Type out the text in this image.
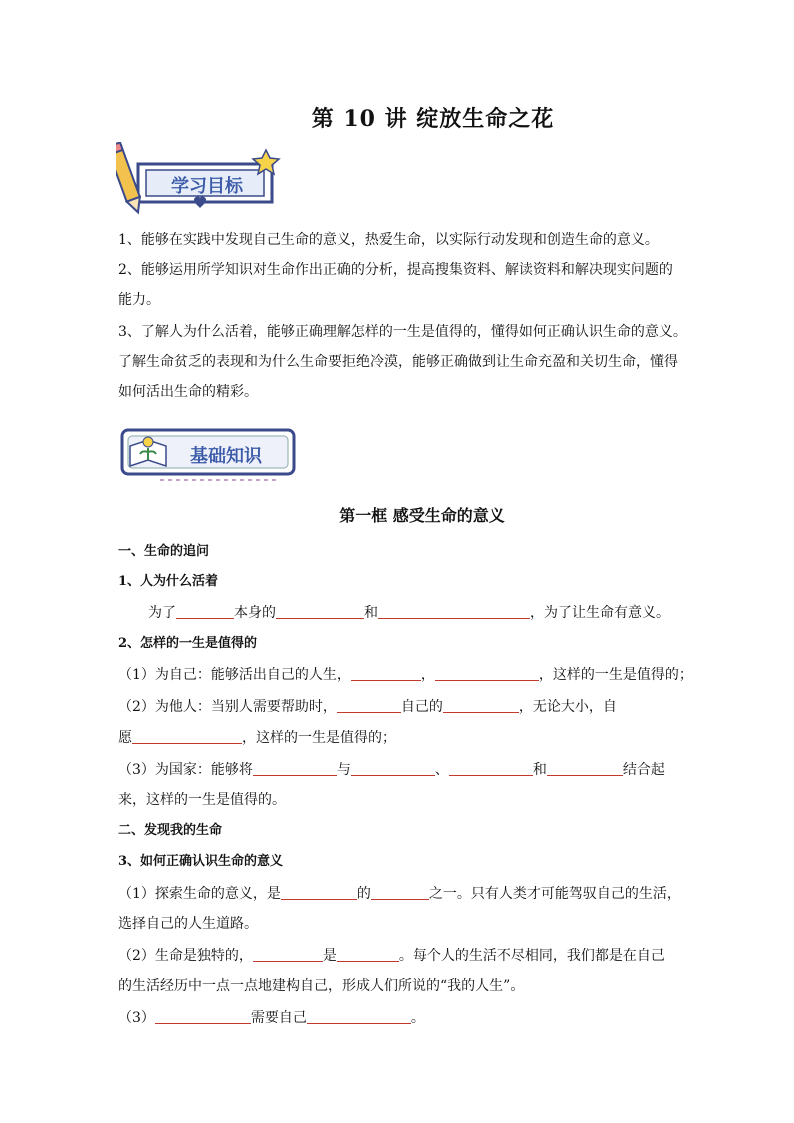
第 10 讲 绽放生命之花
学习目标
1、能够在实践中发现自己生命的意义，热爱生命，以实际行动发现和创造生命的意义。
2、能够运用所学知识对生命作出正确的分析，提高搜集资料、解读资料和解决现实问题的
能力。
3、了解人为什么活着，能够正确理解怎样的一生是值得的，懂得如何正确认识生命的意义。
了解生命贫乏的表现和为什么生命要拒绝冷漠，能够正确做到让生命充盈和关切生命，懂得
如何活出生命的精彩。
基础知识
第一框 感受生命的意义
一、生命的追问
1、人为什么活着
为了	本身的	和	，为了让生命有意义。
2、怎样的一生是值得的
（1）为自己：能够活出自己的人生，	，	，这样的一生是值得的；
（2）为他人：当别人需要帮助时，	自己的	，无论大小，自
愿	，这样的一生是值得的；
（3）为国家：能够将	与	、	和	结合起
来，这样的一生是值得的。
二、发现我的生命
3、如何正确认识生命的意义
（1）探索生命的意义，是	的	之一。只有人类才可能驾驭自己的生活，
选择自己的人生道路。
（2）生命是独特的，	是	。每个人的生活不尽相同，我们都是在自己
的生活经历中一点一点地建构自己，形成人们所说的“我的人生”。
（3）	需要自己	。
